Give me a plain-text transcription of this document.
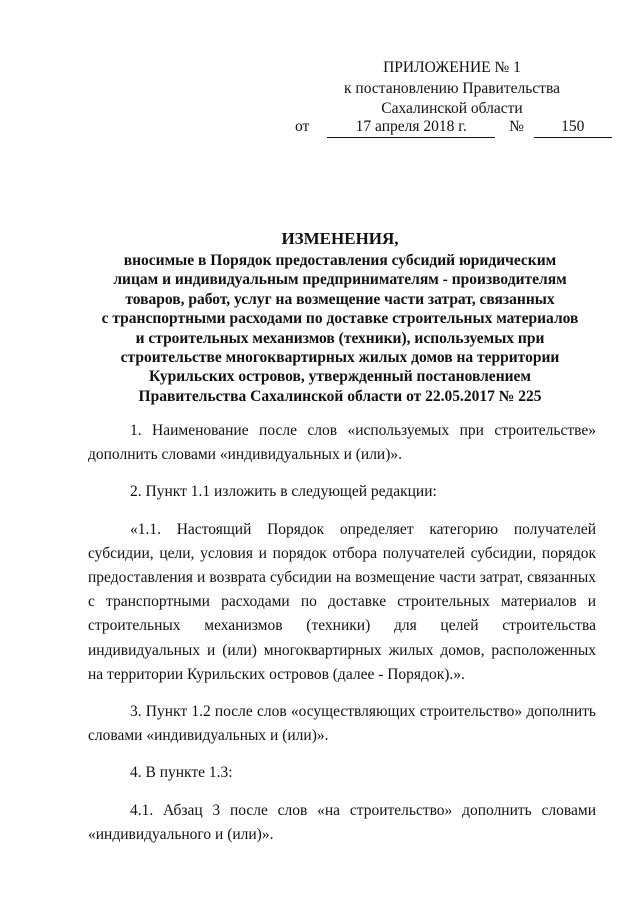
ПРИЛОЖЕНИЕ № 1
к постановлению Правительства
Сахалинской области
от	17 апреля 2018 г.	№ 150
ИЗМЕНЕНИЯ,
вносимые в Порядок предоставления субсидий юридическим
лицам и индивидуальным предпринимателям - производителям
товаров, работ, услуг на возмещение части затрат, связанных
с транспортными расходами по доставке строительных материалов
и строительных механизмов (техники), используемых при
строительстве многоквартирных жилых домов на территории
Курильских островов, утвержденный постановлением
Правительства Сахалинской области от 22.05.2017 № 225

1. Наименование после слов «используемых при строительстве» дополнить словами «индивидуальных и (или)».

2. Пункт 1.1 изложить в следующей редакции:

«1.1. Настоящий Порядок определяет категорию получателей субсидии, цели, условия и порядок отбора получателей субсидии, порядок предоставления и возврата субсидии на возмещение части затрат, связанных с транспортными расходами по доставке строительных материалов и строительных механизмов (техники) для целей строительства индивидуальных и (или) многоквартирных жилых домов, расположенных на территории Курильских островов (далее - Порядок).».

3. Пункт 1.2 после слов «осуществляющих строительство» дополнить словами «индивидуальных и (или)».

4. В пункте 1.3:

4.1. Абзац 3 после слов «на строительство» дополнить словами «индивидуального и (или)».
